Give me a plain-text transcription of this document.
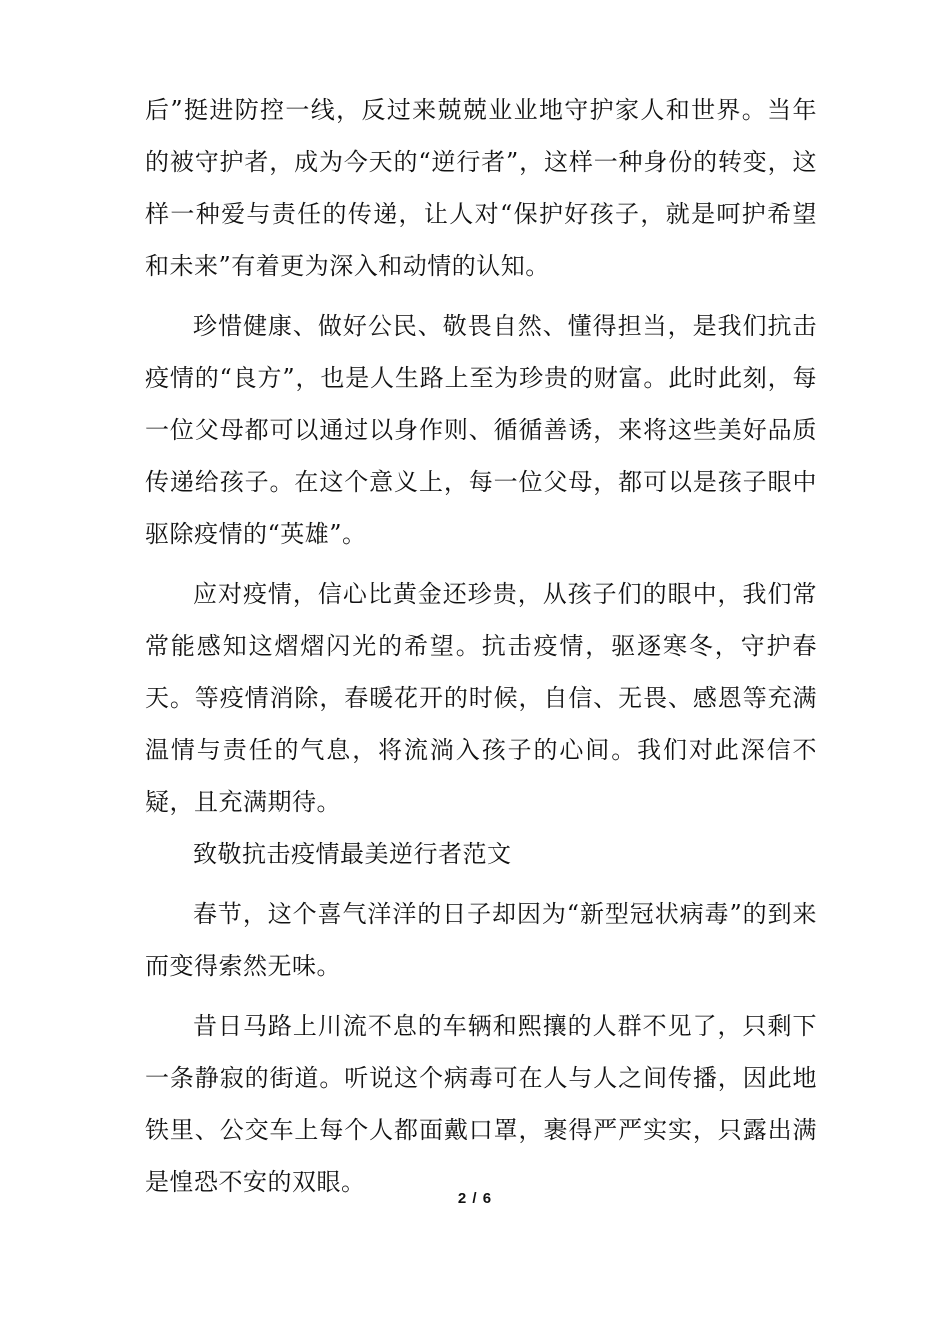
后”挺进防控一线，反过来兢兢业业地守护家人和世界。当年的被守护者，成为今天的“逆行者”，这样一种身份的转变，这样一种爱与责任的传递，让人对“保护好孩子，就是呵护希望和未来”有着更为深入和动情的认知。

珍惜健康、做好公民、敬畏自然、懂得担当，是我们抗击疫情的“良方”，也是人生路上至为珍贵的财富。此时此刻，每一位父母都可以通过以身作则、循循善诱，来将这些美好品质传递给孩子。在这个意义上，每一位父母，都可以是孩子眼中驱除疫情的“英雄”。

应对疫情，信心比黄金还珍贵，从孩子们的眼中，我们常常能感知这熠熠闪光的希望。抗击疫情，驱逐寒冬，守护春天。等疫情消除，春暖花开的时候，自信、无畏、感恩等充满温情与责任的气息，将流淌入孩子的心间。我们对此深信不疑，且充满期待。

致敬抗击疫情最美逆行者范文

春节，这个喜气洋洋的日子却因为“新型冠状病毒”的到来而变得索然无味。

昔日马路上川流不息的车辆和熙攘的人群不见了，只剩下一条静寂的街道。听说这个病毒可在人与人之间传播，因此地铁里、公交车上每个人都面戴口罩，裹得严严实实，只露出满是惶恐不安的双眼。

2 / 6
